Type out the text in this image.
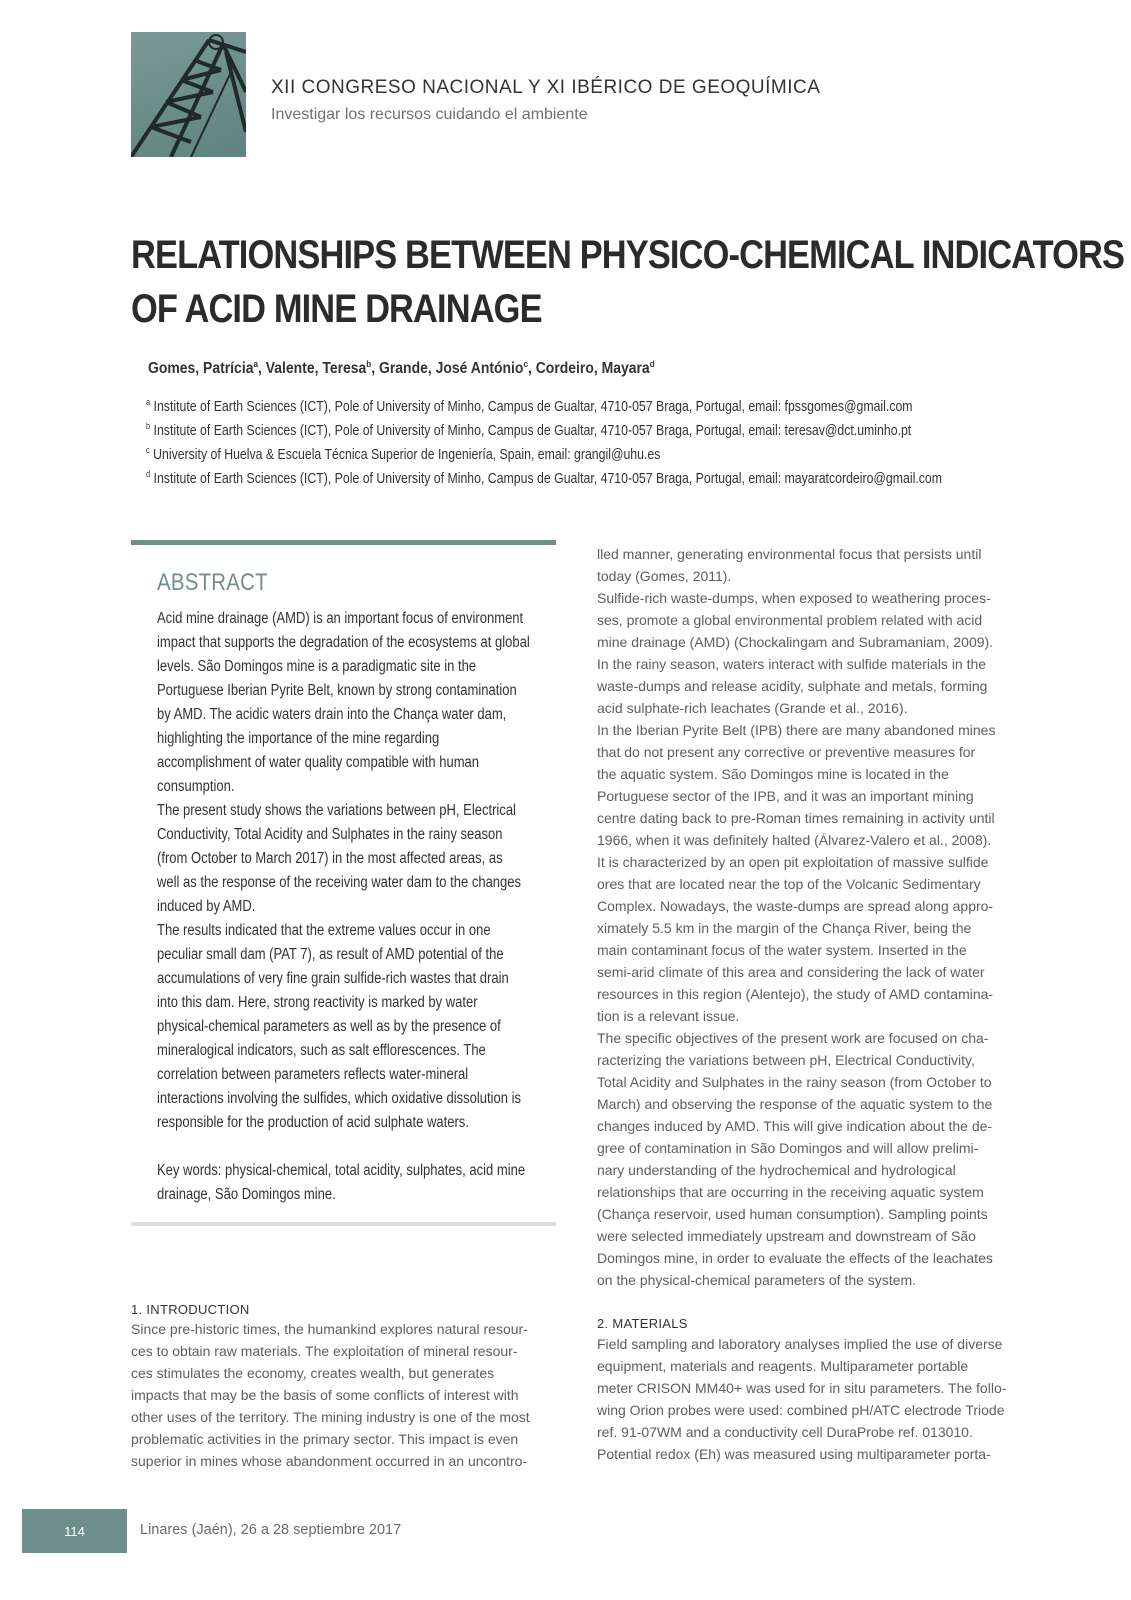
XII CONGRESO NACIONAL Y XI IBÉRICO DE GEOQUÍMICA
Investigar los recursos cuidando el ambiente
RELATIONSHIPS BETWEEN PHYSICO-CHEMICAL INDICATORS
OF ACID MINE DRAINAGE
Gomes, Patrícia$^a$, Valente, Teresa$^b$, Grande, José António$^c$, Cordeiro, Mayara$^d$
$^a$ Institute of Earth Sciences (ICT), Pole of University of Minho, Campus de Gualtar, 4710-057 Braga, Portugal, email: fpssgomes@gmail.com
$^b$ Institute of Earth Sciences (ICT), Pole of University of Minho, Campus de Gualtar, 4710-057 Braga, Portugal, email: teresav@dct.uminho.pt
$^c$ University of Huelva & Escuela Técnica Superior de Ingeniería, Spain, email: grangil@uhu.es
$^d$ Institute of Earth Sciences (ICT), Pole of University of Minho, Campus de Gualtar, 4710-057 Braga, Portugal, email: mayaratcordeiro@gmail.com
ABSTRACT

Acid mine drainage (AMD) is an important focus of environment
impact that supports the degradation of the ecosystems at global
levels. São Domingos mine is a paradigmatic site in the
Portuguese Iberian Pyrite Belt, known by strong contamination
by AMD. The acidic waters drain into the Chança water dam,
highlighting the importance of the mine regarding
accomplishment of water quality compatible with human
consumption.

The present study shows the variations between pH, Electrical
Conductivity, Total Acidity and Sulphates in the rainy season
(from October to March 2017) in the most affected areas, as
well as the response of the receiving water dam to the changes
induced by AMD.

The results indicated that the extreme values occur in one
peculiar small dam (PAT 7), as result of AMD potential of the
accumulations of very fine grain sulfide-rich wastes that drain
into this dam. Here, strong reactivity is marked by water
physical-chemical parameters as well as by the presence of
mineralogical indicators, such as salt efflorescences. The
correlation between parameters reflects water-mineral
interactions involving the sulfides, which oxidative dissolution is
responsible for the production of acid sulphate waters.

Key words: physical-chemical, total acidity, sulphates, acid mine
drainage, São Domingos mine.

1. INTRODUCTION

Since pre-historic times, the humankind explores natural resour-
ces to obtain raw materials. The exploitation of mineral resour-
ces stimulates the economy, creates wealth, but generates
impacts that may be the basis of some conflicts of interest with
other uses of the territory. The mining industry is one of the most
problematic activities in the primary sector. This impact is even
superior in mines whose abandonment occurred in an uncontro-

lled manner, generating environmental focus that persists until
today (Gomes, 2011).

Sulfide-rich waste-dumps, when exposed to weathering proces-
ses, promote a global environmental problem related with acid
mine drainage (AMD) (Chockalingam and Subramaniam, 2009).
In the rainy season, waters interact with sulfide materials in the
waste-dumps and release acidity, sulphate and metals, forming
acid sulphate-rich leachates (Grande et al., 2016).

In the Iberian Pyrite Belt (IPB) there are many abandoned mines
that do not present any corrective or preventive measures for
the aquatic system. São Domingos mine is located in the
Portuguese sector of the IPB, and it was an important mining
centre dating back to pre-Roman times remaining in activity until
1966, when it was definitely halted (Álvarez-Valero et al., 2008).
It is characterized by an open pit exploitation of massive sulfide
ores that are located near the top of the Volcanic Sedimentary
Complex. Nowadays, the waste-dumps are spread along appro-
ximately 5.5 km in the margin of the Chança River, being the
main contaminant focus of the water system. Inserted in the
semi-arid climate of this area and considering the lack of water
resources in this region (Alentejo), the study of AMD contamina-
tion is a relevant issue.

The specific objectives of the present work are focused on cha-
racterizing the variations between pH, Electrical Conductivity,
Total Acidity and Sulphates in the rainy season (from October to
March) and observing the response of the aquatic system to the
changes induced by AMD. This will give indication about the de-
gree of contamination in São Domingos and will allow prelimi-
nary understanding of the hydrochemical and hydrological
relationships that are occurring in the receiving aquatic system
(Chança reservoir, used human consumption). Sampling points
were selected immediately upstream and downstream of São
Domingos mine, in order to evaluate the effects of the leachates
on the physical-chemical parameters of the system.

2. MATERIALS

Field sampling and laboratory analyses implied the use of diverse
equipment, materials and reagents. Multiparameter portable
meter CRISON MM40+ was used for in situ parameters. The follo-
wing Orion probes were used: combined pH/ATC electrode Triode
ref. 91-07WM and a conductivity cell DuraProbe ref. 013010.
Potential redox (Eh) was measured using multiparameter porta-

114	Linares (Jaén), 26 a 28 septiembre 2017
